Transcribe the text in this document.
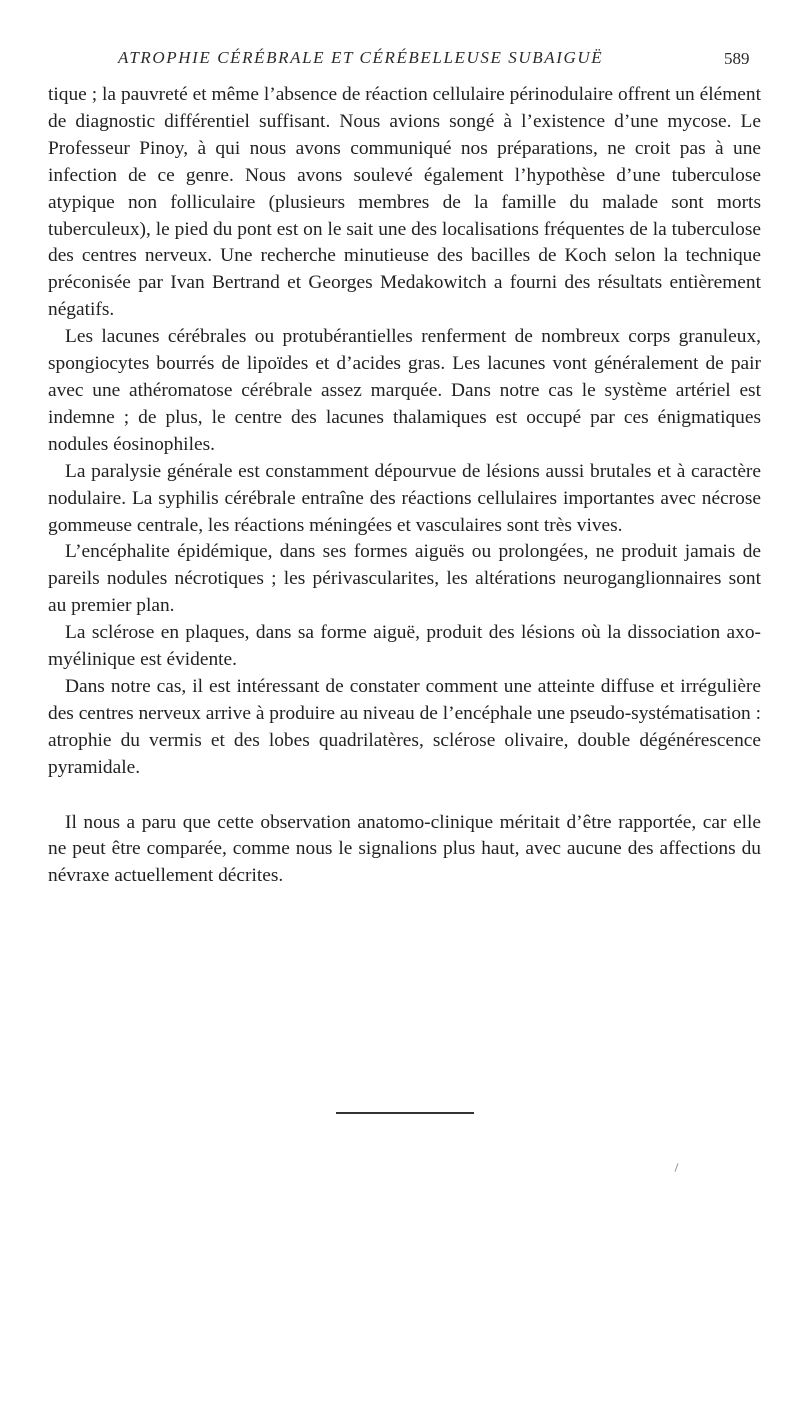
ATROPHIE CÉRÉBRALE ET CÉRÉBELLEUSE SUBAIGUË	589

tique ; la pauvreté et même l’absence de réaction cellulaire périnodulaire offrent un élément de diagnostic différentiel suffisant. Nous avions songé à l’existence d’une mycose. Le Professeur Pinoy, à qui nous avons communiqué nos préparations, ne croit pas à une infection de ce genre. Nous avons soulevé également l’hypothèse d’une tuberculose atypique non folliculaire (plusieurs membres de la famille du malade sont morts tuberculeux), le pied du pont est on le sait une des localisations fréquentes de la tuberculose des centres nerveux. Une recherche minutieuse des bacilles de Koch selon la technique préconisée par Ivan Bertrand et Georges Medakowitch a fourni des résultats entièrement négatifs.

Les lacunes cérébrales ou protubérantielles renferment de nombreux corps granuleux, spongiocytes bourrés de lipoïdes et d’acides gras. Les lacunes vont généralement de pair avec une athéromatose cérébrale assez marquée. Dans notre cas le système artériel est indemne ; de plus, le centre des lacunes thalamiques est occupé par ces énigmatiques nodules éosinophiles.

La paralysie générale est constamment dépourvue de lésions aussi brutales et à caractère nodulaire. La syphilis cérébrale entraîne des réactions cellulaires importantes avec nécrose gommeuse centrale, les réactions méningées et vasculaires sont très vives.

L’encéphalite épidémique, dans ses formes aiguës ou prolongées, ne produit jamais de pareils nodules nécrotiques ; les périvascularites, les altérations neuroganglionnaires sont au premier plan.

La sclérose en plaques, dans sa forme aiguë, produit des lésions où la dissociation axo-myélinique est évidente.

Dans notre cas, il est intéressant de constater comment une atteinte diffuse et irrégulière des centres nerveux arrive à produire au niveau de l’encéphale une pseudo-systématisation : atrophie du vermis et des lobes quadrilatères, sclérose olivaire, double dégénérescence pyramidale.

Il nous a paru que cette observation anatomo-clinique méritait d’être rapportée, car elle ne peut être comparée, comme nous le signalions plus haut, avec aucune des affections du névraxe actuellement décrites.
